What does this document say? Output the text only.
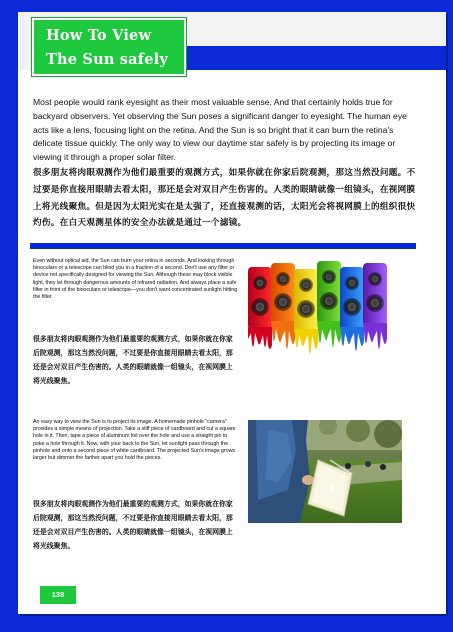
How To View
The Sun safely

Most people would rank eyesight as their most valuable sense. And that certainly holds true for backyard observers. Yet observing the Sun poses a significant danger to eyesight. The human eye acts like a lens, focusing light on the retina. And the Sun is so bright that it can burn the retina's delicate tissue quickly. The only way to view our daytime star safely is by projecting its image or viewing it through a proper solar filter.

很多朋友将肉眼观测作为他们最重要的观测方式，如果你就在你家后院观测，那这当然没问题。不过要是你直接用眼睛去看太阳，那还是会对双目产生伤害的。人类的眼睛就像一组镜头，在视网膜上将光线聚焦。但是因为太阳光实在是太强了，还直接观测的话，太阳光会将视网膜上的组织很快灼伤。在白天观测星体的安全办法就是通过一个滤镜。

Even without optical aid, the Sun can burn your retina in seconds. And looking through binoculars or a telescope can blind you in a fraction of a second. Don't use any filter or device not specifically designed for viewing the Sun. Although these may block visible light, they let through dangerous amounts of infrared radiation. And always place a safe filter in front of the binoculars or telescope—you don't want concentrated sunlight hitting the filter.

很多朋友将肉眼观测作为他们最重要的观测方式，如果你就在你家后院观测，那这当然没问题，不过要是你直接用眼睛去看太阳，那还是会对双目产生伤害的。人类的眼睛就像一组镜头，在视网膜上将光线聚焦。

An easy way to view the Sun is to project its image. A homemade pinhole "camera" provides a simple means of projection. Take a stiff piece of cardboard and cut a square hole in it. Then, tape a piece of aluminum foil over the hole and use a straight pin to poke a hole through it. Now, with your back to the Sun, let sunlight pass through the pinhole and onto a second piece of white cardboard. The projected Sun's image grows larger but dimmer the farther apart you hold the pieces.

很多朋友将肉眼观测作为他们最重要的观测方式，如果你就在你家后院观测，那这当然没问题，不过要是你直接用眼睛去看太阳，那还是会对双目产生伤害的。人类的眼睛就像一组镜头，在视网膜上将光线聚焦。

138
